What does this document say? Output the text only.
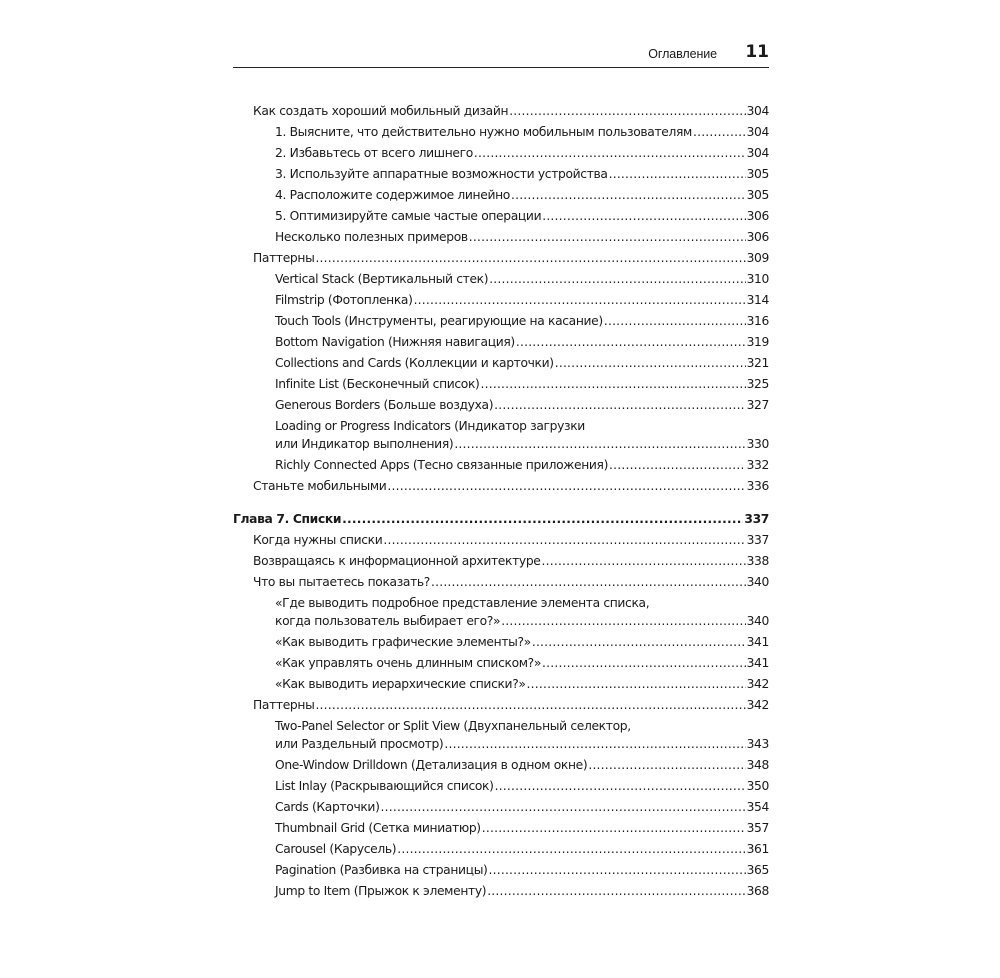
Оглавление 11
Как создать хороший мобильный дизайн .....	304
1. Выясните, что действительно нужно мобильным пользователям .....	304
2. Избавьтесь от всего лишнего .....	304
3. Используйте аппаратные возможности устройства .....	305
4. Расположите содержимое линейно .....	305
5. Оптимизируйте самые частые операции .....	306
Несколько полезных примеров .....	306
Паттерны .....	309
Vertical Stack (Вертикальный стек) .....	310
Filmstrip (Фотопленка) .....	314
Touch Tools (Инструменты, реагирующие на касание) .....	316
Bottom Navigation (Нижняя навигация) .....	319
Collections and Cards (Коллекции и карточки) .....	321
Infinite List (Бесконечный список) .....	325
Generous Borders (Больше воздуха) .....	327
Loading or Progress Indicators (Индикатор загрузки
или Индикатор выполнения) .....	330
Richly Connected Apps (Тесно связанные приложения) .....	332
Станьте мобильными .....	336
Глава 7. Списки .....	337
Когда нужны списки .....	337
Возвращаясь к информационной архитектуре .....	338
Что вы пытаетесь показать? .....	340
«Где выводить подробное представление элемента списка,
когда пользователь выбирает его?» .....	340
«Как выводить графические элементы?» .....	341
«Как управлять очень длинным списком?» .....	341
«Как выводить иерархические списки?» .....	342
Паттерны .....	342
Two-Panel Selector or Split View (Двухпанельный селектор,
или Раздельный просмотр) .....	343
One-Window Drilldown (Детализация в одном окне) .....	348
List Inlay (Раскрывающийся список) .....	350
Cards (Карточки) .....	354
Thumbnail Grid (Сетка миниатюр) .....	357
Carousel (Карусель) .....	361
Pagination (Разбивка на страницы) .....	365
Jump to Item (Прыжок к элементу) .....	368
